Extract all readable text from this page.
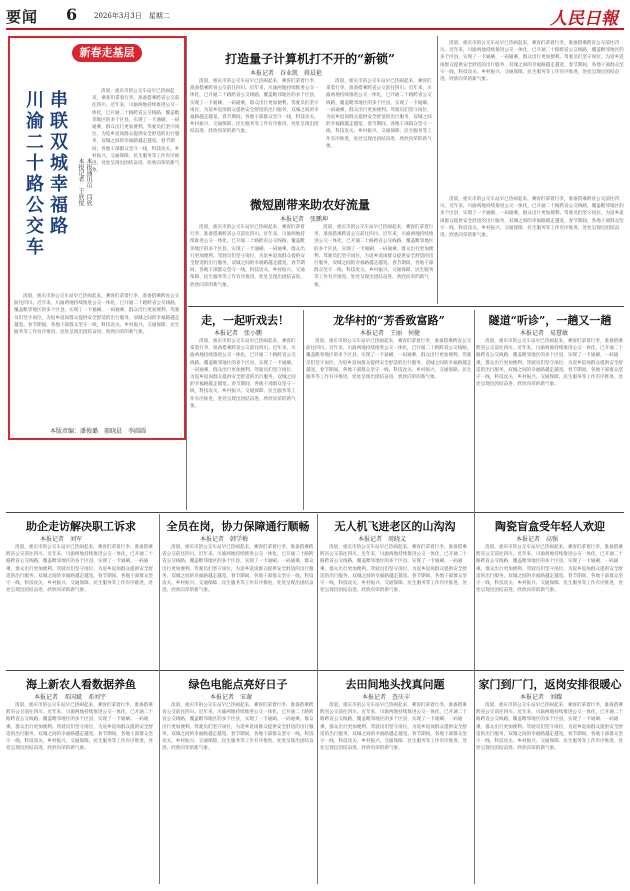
要闻 6 2026年3月3日　星期二	人民日報
新春走基层
川渝二十路公交车
串联双城幸福路
本报记者　王欣悦 本报通讯员　闫欣
清晨，重庆市的公交车站早已热闹起来，乘客们拿着行李，准备搭乘跨省公交前往四川。近年来，川渝两地持续推进公交一体化，已开通二十路跨省公交线路，覆盖毗邻地区的多个区县，实现了一卡通刷、一码通乘，群众出行更加便利。驾驶员们坚守岗位，为返乡返岗群众提供安全舒适的出行服务，双城之间的幸福路越走越宽。春节期间，各地干部群众坚守一线，科技攻关、乡村振兴、交通保障、民生服务等工作有序推进，处处呈现出团结奋进、欣欣向荣的新气象。
清晨，重庆市的公交车站早已热闹起来，乘客们拿着行李，准备搭乘跨省公交前往四川。近年来，川渝两地持续推进公交一体化，已开通二十路跨省公交线路，覆盖毗邻地区的多个区县，实现了一卡通刷、一码通乘，群众出行更加便利。驾驶员们坚守岗位，为返乡返岗群众提供安全舒适的出行服务，双城之间的幸福路越走越宽。春节期间，各地干部群众坚守一线，科技攻关、乡村振兴、交通保障、民生服务等工作有序推进，处处呈现出团结奋进、欣欣向荣的新气象。
本版责编：潘俊璐　郝晓晨　李圆圆
打造量子计算机打不开的“新锁”
本报记者　谷业凯　蒋晨艳
清晨，重庆市的公交车站早已热闹起来，乘客们拿着行李，准备搭乘跨省公交前往四川。近年来，川渝两地持续推进公交一体化，已开通二十路跨省公交线路，覆盖毗邻地区的多个区县，实现了一卡通刷、一码通乘，群众出行更加便利。驾驶员们坚守岗位，为返乡返岗群众提供安全舒适的出行服务，双城之间的幸福路越走越宽。春节期间，各地干部群众坚守一线，科技攻关、乡村振兴、交通保障、民生服务等工作有序推进，处处呈现出团结奋进、欣欣向荣的新气象。
清晨，重庆市的公交车站早已热闹起来，乘客们拿着行李，准备搭乘跨省公交前往四川。近年来，川渝两地持续推进公交一体化，已开通二十路跨省公交线路，覆盖毗邻地区的多个区县，实现了一卡通刷、一码通乘，群众出行更加便利。驾驶员们坚守岗位，为返乡返岗群众提供安全舒适的出行服务，双城之间的幸福路越走越宽。春节期间，各地干部群众坚守一线，科技攻关、乡村振兴、交通保障、民生服务等工作有序推进，处处呈现出团结奋进、欣欣向荣的新气象。
清晨，重庆市的公交车站早已热闹起来，乘客们拿着行李，准备搭乘跨省公交前往四川。近年来，川渝两地持续推进公交一体化，已开通二十路跨省公交线路，覆盖毗邻地区的多个区县，实现了一卡通刷、一码通乘，群众出行更加便利。驾驶员们坚守岗位，为返乡返岗群众提供安全舒适的出行服务，双城之间的幸福路越走越宽。春节期间，各地干部群众坚守一线，科技攻关、乡村振兴、交通保障、民生服务等工作有序推进，处处呈现出团结奋进、欣欣向荣的新气象。
微短剧带来助农好流量
本报记者　张鹏坤
清晨，重庆市的公交车站早已热闹起来，乘客们拿着行李，准备搭乘跨省公交前往四川。近年来，川渝两地持续推进公交一体化，已开通二十路跨省公交线路，覆盖毗邻地区的多个区县，实现了一卡通刷、一码通乘，群众出行更加便利。驾驶员们坚守岗位，为返乡返岗群众提供安全舒适的出行服务，双城之间的幸福路越走越宽。春节期间，各地干部群众坚守一线，科技攻关、乡村振兴、交通保障、民生服务等工作有序推进，处处呈现出团结奋进、欣欣向荣的新气象。
清晨，重庆市的公交车站早已热闹起来，乘客们拿着行李，准备搭乘跨省公交前往四川。近年来，川渝两地持续推进公交一体化，已开通二十路跨省公交线路，覆盖毗邻地区的多个区县，实现了一卡通刷、一码通乘，群众出行更加便利。驾驶员们坚守岗位，为返乡返岗群众提供安全舒适的出行服务，双城之间的幸福路越走越宽。春节期间，各地干部群众坚守一线，科技攻关、乡村振兴、交通保障、民生服务等工作有序推进，处处呈现出团结奋进、欣欣向荣的新气象。
清晨，重庆市的公交车站早已热闹起来，乘客们拿着行李，准备搭乘跨省公交前往四川。近年来，川渝两地持续推进公交一体化，已开通二十路跨省公交线路，覆盖毗邻地区的多个区县，实现了一卡通刷、一码通乘，群众出行更加便利。驾驶员们坚守岗位，为返乡返岗群众提供安全舒适的出行服务，双城之间的幸福路越走越宽。春节期间，各地干部群众坚守一线，科技攻关、乡村振兴、交通保障、民生服务等工作有序推进，处处呈现出团结奋进、欣欣向荣的新气象。
走，一起听戏去！
本报记者　张小鹏
清晨，重庆市的公交车站早已热闹起来，乘客们拿着行李，准备搭乘跨省公交前往四川。近年来，川渝两地持续推进公交一体化，已开通二十路跨省公交线路，覆盖毗邻地区的多个区县，实现了一卡通刷、一码通乘，群众出行更加便利。驾驶员们坚守岗位，为返乡返岗群众提供安全舒适的出行服务，双城之间的幸福路越走越宽。春节期间，各地干部群众坚守一线，科技攻关、乡村振兴、交通保障、民生服务等工作有序推进，处处呈现出团结奋进、欣欣向荣的新气象。
龙华村的“芳香致富路”
本报记者　王丽　何健
清晨，重庆市的公交车站早已热闹起来，乘客们拿着行李，准备搭乘跨省公交前往四川。近年来，川渝两地持续推进公交一体化，已开通二十路跨省公交线路，覆盖毗邻地区的多个区县，实现了一卡通刷、一码通乘，群众出行更加便利。驾驶员们坚守岗位，为返乡返岗群众提供安全舒适的出行服务，双城之间的幸福路越走越宽。春节期间，各地干部群众坚守一线，科技攻关、乡村振兴、交通保障、民生服务等工作有序推进，处处呈现出团结奋进、欣欣向荣的新气象。
隧道“听诊”，一趟又一趟
本报记者　易慧敏
清晨，重庆市的公交车站早已热闹起来，乘客们拿着行李，准备搭乘跨省公交前往四川。近年来，川渝两地持续推进公交一体化，已开通二十路跨省公交线路，覆盖毗邻地区的多个区县，实现了一卡通刷、一码通乘，群众出行更加便利。驾驶员们坚守岗位，为返乡返岗群众提供安全舒适的出行服务，双城之间的幸福路越走越宽。春节期间，各地干部群众坚守一线，科技攻关、乡村振兴、交通保障、民生服务等工作有序推进，处处呈现出团结奋进、欣欣向荣的新气象。
助企走访解决职工诉求
本报记者　刘军
清晨，重庆市的公交车站早已热闹起来，乘客们拿着行李，准备搭乘跨省公交前往四川。近年来，川渝两地持续推进公交一体化，已开通二十路跨省公交线路，覆盖毗邻地区的多个区县，实现了一卡通刷、一码通乘，群众出行更加便利。驾驶员们坚守岗位，为返乡返岗群众提供安全舒适的出行服务，双城之间的幸福路越走越宽。春节期间，各地干部群众坚守一线，科技攻关、乡村振兴、交通保障、民生服务等工作有序推进，处处呈现出团结奋进、欣欣向荣的新气象。
全员在岗，协力保障通行顺畅
本报记者　韩学梅
清晨，重庆市的公交车站早已热闹起来，乘客们拿着行李，准备搭乘跨省公交前往四川。近年来，川渝两地持续推进公交一体化，已开通二十路跨省公交线路，覆盖毗邻地区的多个区县，实现了一卡通刷、一码通乘，群众出行更加便利。驾驶员们坚守岗位，为返乡返岗群众提供安全舒适的出行服务，双城之间的幸福路越走越宽。春节期间，各地干部群众坚守一线，科技攻关、乡村振兴、交通保障、民生服务等工作有序推进，处处呈现出团结奋进、欣欣向荣的新气象。
无人机飞进老区的山沟沟
本报记者　周晓义
清晨，重庆市的公交车站早已热闹起来，乘客们拿着行李，准备搭乘跨省公交前往四川。近年来，川渝两地持续推进公交一体化，已开通二十路跨省公交线路，覆盖毗邻地区的多个区县，实现了一卡通刷、一码通乘，群众出行更加便利。驾驶员们坚守岗位，为返乡返岗群众提供安全舒适的出行服务，双城之间的幸福路越走越宽。春节期间，各地干部群众坚守一线，科技攻关、乡村振兴、交通保障、民生服务等工作有序推进，处处呈现出团结奋进、欣欣向荣的新气象。
陶瓷盲盒受年轻人欢迎
本报记者　高强
清晨，重庆市的公交车站早已热闹起来，乘客们拿着行李，准备搭乘跨省公交前往四川。近年来，川渝两地持续推进公交一体化，已开通二十路跨省公交线路，覆盖毗邻地区的多个区县，实现了一卡通刷、一码通乘，群众出行更加便利。驾驶员们坚守岗位，为返乡返岗群众提供安全舒适的出行服务，双城之间的幸福路越走越宽。春节期间，各地干部群众坚守一线，科技攻关、乡村振兴、交通保障、民生服务等工作有序推进，处处呈现出团结奋进、欣欣向荣的新气象。
海上新农人看数据养鱼
本报记者　邓国斌　邓刘宇
清晨，重庆市的公交车站早已热闹起来，乘客们拿着行李，准备搭乘跨省公交前往四川。近年来，川渝两地持续推进公交一体化，已开通二十路跨省公交线路，覆盖毗邻地区的多个区县，实现了一卡通刷、一码通乘，群众出行更加便利。驾驶员们坚守岗位，为返乡返岗群众提供安全舒适的出行服务，双城之间的幸福路越走越宽。春节期间，各地干部群众坚守一线，科技攻关、乡村振兴、交通保障、民生服务等工作有序推进，处处呈现出团结奋进、欣欣向荣的新气象。
绿色电能点亮好日子
本报记者　宋谢
清晨，重庆市的公交车站早已热闹起来，乘客们拿着行李，准备搭乘跨省公交前往四川。近年来，川渝两地持续推进公交一体化，已开通二十路跨省公交线路，覆盖毗邻地区的多个区县，实现了一卡通刷、一码通乘，群众出行更加便利。驾驶员们坚守岗位，为返乡返岗群众提供安全舒适的出行服务，双城之间的幸福路越走越宽。春节期间，各地干部群众坚守一线，科技攻关、乡村振兴、交通保障、民生服务等工作有序推进，处处呈现出团结奋进、欣欣向荣的新气象。
去田间地头找真问题
本报记者　查庆丰
清晨，重庆市的公交车站早已热闹起来，乘客们拿着行李，准备搭乘跨省公交前往四川。近年来，川渝两地持续推进公交一体化，已开通二十路跨省公交线路，覆盖毗邻地区的多个区县，实现了一卡通刷、一码通乘，群众出行更加便利。驾驶员们坚守岗位，为返乡返岗群众提供安全舒适的出行服务，双城之间的幸福路越走越宽。春节期间，各地干部群众坚守一线，科技攻关、乡村振兴、交通保障、民生服务等工作有序推进，处处呈现出团结奋进、欣欣向荣的新气象。
家门到厂门，返岗安排很暖心
本报记者　刘耀
清晨，重庆市的公交车站早已热闹起来，乘客们拿着行李，准备搭乘跨省公交前往四川。近年来，川渝两地持续推进公交一体化，已开通二十路跨省公交线路，覆盖毗邻地区的多个区县，实现了一卡通刷、一码通乘，群众出行更加便利。驾驶员们坚守岗位，为返乡返岗群众提供安全舒适的出行服务，双城之间的幸福路越走越宽。春节期间，各地干部群众坚守一线，科技攻关、乡村振兴、交通保障、民生服务等工作有序推进，处处呈现出团结奋进、欣欣向荣的新气象。
